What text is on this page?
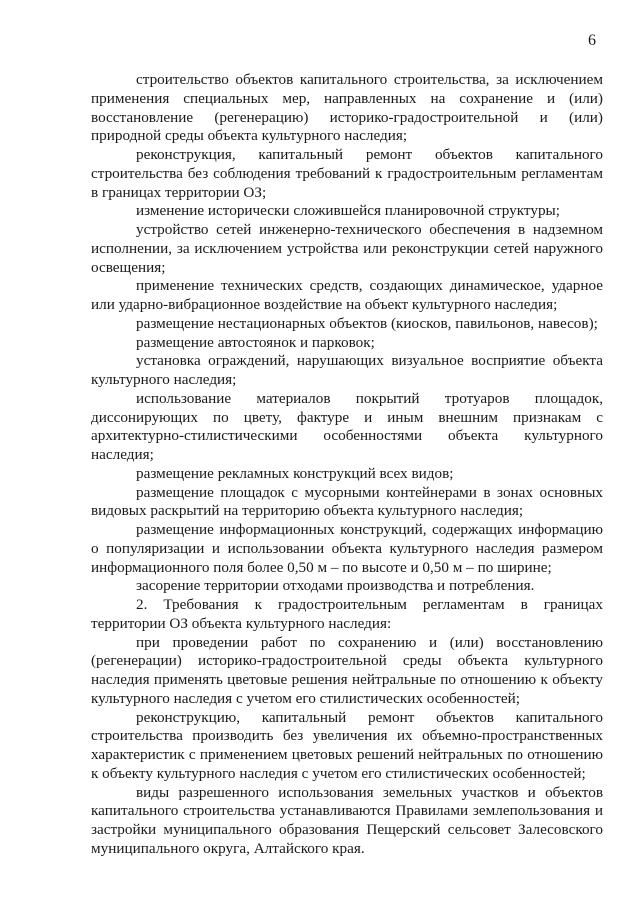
6

строительство объектов капитального строительства, за исключением применения специальных мер, направленных на сохранение и (или) восстановление (регенерацию) историко-градостроительной и (или) природной среды объекта культурного наследия;

реконструкция, капитальный ремонт объектов капитального строительства без соблюдения требований к градостроительным регламентам в границах территории ОЗ;

изменение исторически сложившейся планировочной структуры;

устройство сетей инженерно-технического обеспечения в надземном исполнении, за исключением устройства или реконструкции сетей наружного освещения;

применение технических средств, создающих динамическое, ударное или ударно-вибрационное воздействие на объект культурного наследия;

размещение нестационарных объектов (киосков, павильонов, навесов);

размещение автостоянок и парковок;

установка ограждений, нарушающих визуальное восприятие объекта культурного наследия;

использование материалов покрытий тротуаров площадок, диссонирующих по цвету, фактуре и иным внешним признакам с архитектурно-стилистическими особенностями объекта культурного наследия;

размещение рекламных конструкций всех видов;

размещение площадок с мусорными контейнерами в зонах основных видовых раскрытий на территорию объекта культурного наследия;

размещение информационных конструкций, содержащих информацию о популяризации и использовании объекта культурного наследия размером информационного поля более 0,50 м – по высоте и 0,50 м – по ширине;

засорение территории отходами производства и потребления.

2. Требования к градостроительным регламентам в границах территории ОЗ объекта культурного наследия:

при проведении работ по сохранению и (или) восстановлению (регенерации) историко-градостроительной среды объекта культурного наследия применять цветовые решения нейтральные по отношению к объекту культурного наследия с учетом его стилистических особенностей;

реконструкцию, капитальный ремонт объектов капитального строительства производить без увеличения их объемно-пространственных характеристик с применением цветовых решений нейтральных по отношению к объекту культурного наследия с учетом его стилистических особенностей;

виды разрешенного использования земельных участков и объектов капитального строительства устанавливаются Правилами землепользования и застройки муниципального образования Пещерский сельсовет Залесовского муниципального округа, Алтайского края.
